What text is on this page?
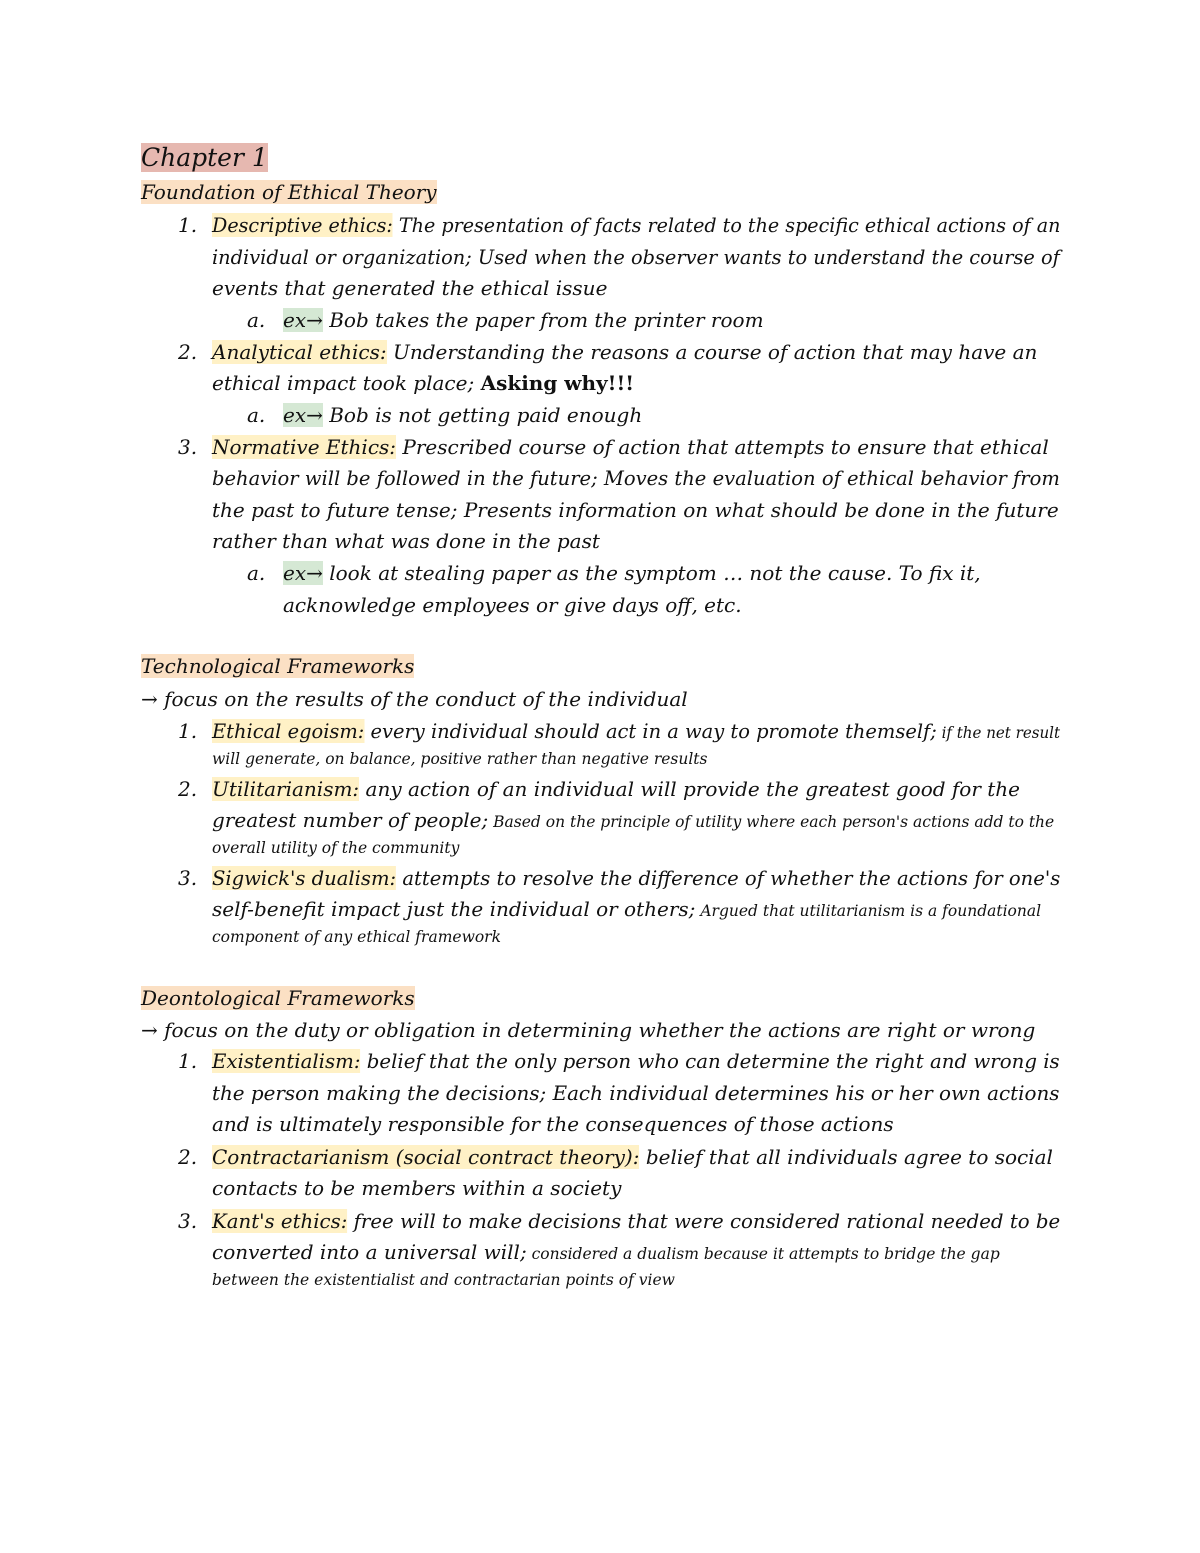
Chapter 1
Foundation of Ethical Theory
1. Descriptive ethics: The presentation of facts related to the specific ethical actions of an
individual or organization; Used when the observer wants to understand the course of
events that generated the ethical issue
a. ex→ Bob takes the paper from the printer room
2. Analytical ethics: Understanding the reasons a course of action that may have an
ethical impact took place; Asking why!!!
a. ex→ Bob is not getting paid enough
3. Normative Ethics: Prescribed course of action that attempts to ensure that ethical
behavior will be followed in the future; Moves the evaluation of ethical behavior from
the past to future tense; Presents information on what should be done in the future
rather than what was done in the past
a. ex→ look at stealing paper as the symptom … not the cause. To fix it,
acknowledge employees or give days off, etc.
Technological Frameworks
→ focus on the results of the conduct of the individual
1. Ethical egoism: every individual should act in a way to promote themself; if the net result
will generate, on balance, positive rather than negative results
2. Utilitarianism: any action of an individual will provide the greatest good for the
greatest number of people; Based on the principle of utility where each person's actions add to the
overall utility of the community
3. Sigwick's dualism: attempts to resolve the difference of whether the actions for one's
self-benefit impact just the individual or others; Argued that utilitarianism is a foundational
component of any ethical framework
Deontological Frameworks
→ focus on the duty or obligation in determining whether the actions are right or wrong
1. Existentialism: belief that the only person who can determine the right and wrong is
the person making the decisions; Each individual determines his or her own actions
and is ultimately responsible for the consequences of those actions
2. Contractarianism (social contract theory): belief that all individuals agree to social
contacts to be members within a society
3. Kant's ethics: free will to make decisions that were considered rational needed to be
converted into a universal will; considered a dualism because it attempts to bridge the gap
between the existentialist and contractarian points of view
